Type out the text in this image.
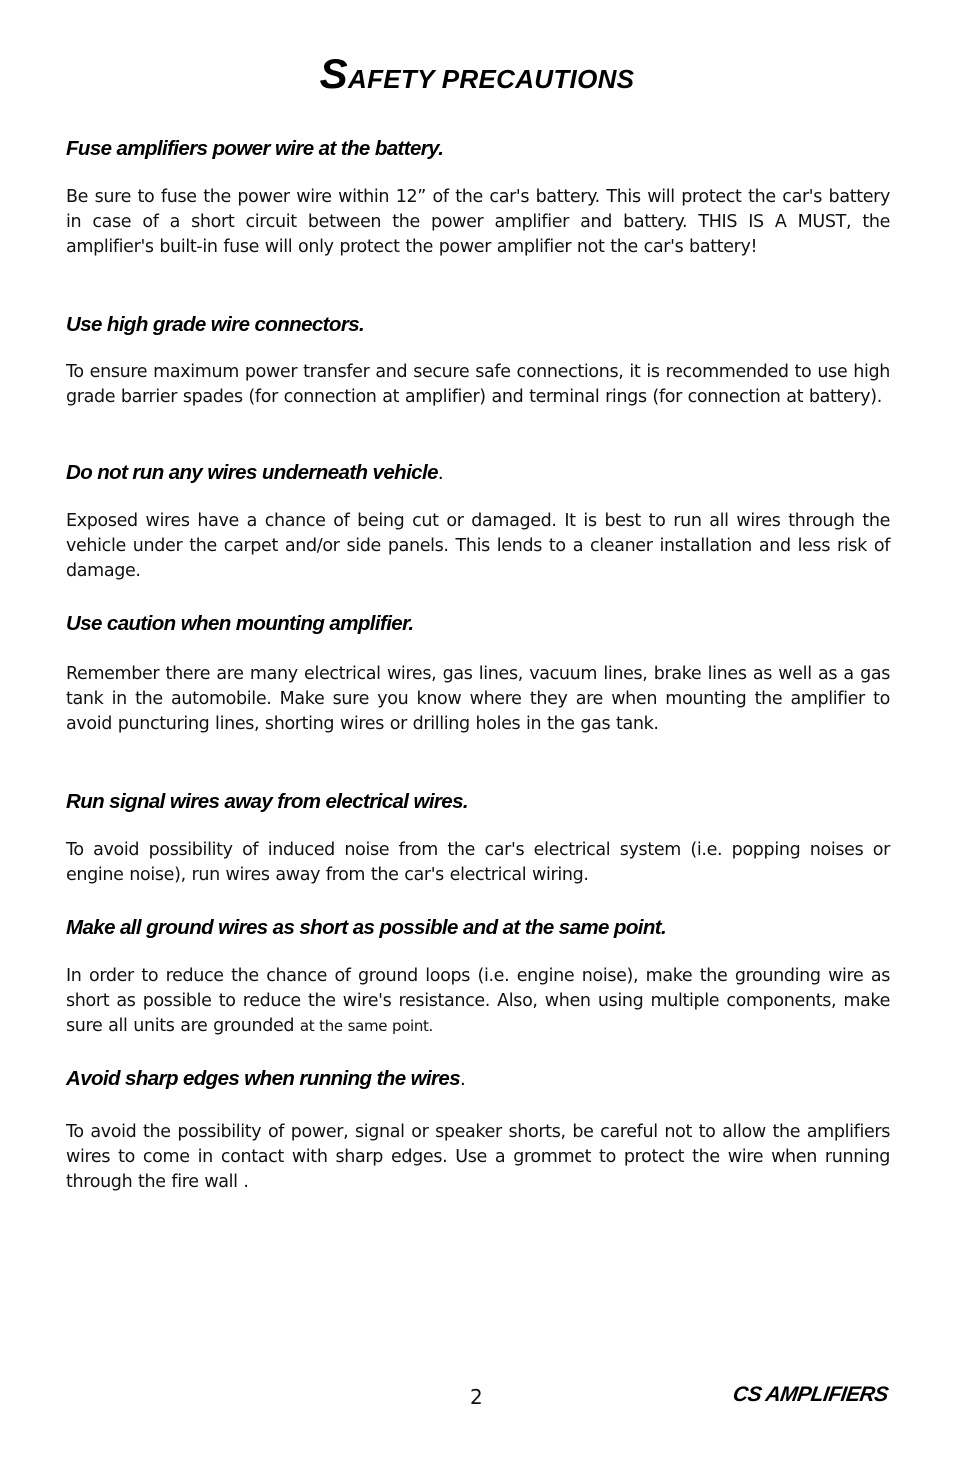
SAFETY PRECAUTIONS
Fuse amplifiers power wire at the battery.

Be sure to fuse the power wire within 12” of the car's battery. This will protect the car's battery in case of a short circuit between the power amplifier and battery. THIS IS A MUST, the amplifier's built-in fuse will only protect the power amplifier not the car's battery!

Use high grade wire connectors.

To ensure maximum power transfer and secure safe connections, it is recommended to use high grade barrier spades (for connection at amplifier) and terminal rings (for connection at battery).

Do not run any wires underneath vehicle.

Exposed wires have a chance of being cut or damaged. It is best to run all wires through the vehicle under the carpet and/or side panels. This lends to a cleaner installation and less risk of damage.

Use caution when mounting amplifier.

Remember there are many electrical wires, gas lines, vacuum lines, brake lines as well as a gas tank in the automobile. Make sure you know where they are when mounting the amplifier to avoid puncturing lines, shorting wires or drilling holes in the gas tank.

Run signal wires away from electrical wires.

To avoid possibility of induced noise from the car's electrical system (i.e. popping noises or engine noise), run wires away from the car's electrical wiring.

Make all ground wires as short as possible and at the same point.

In order to reduce the chance of ground loops (i.e. engine noise), make the grounding wire as short as possible to reduce the wire's resistance. Also, when using multiple components, make sure all units are grounded at the same point.

Avoid sharp edges when running the wires.

To avoid the possibility of power, signal or speaker shorts, be careful not to allow the amplifiers wires to come in contact with sharp edges. Use a grommet to protect the wire when running through the fire wall .

2	CS AMPLIFIERS
